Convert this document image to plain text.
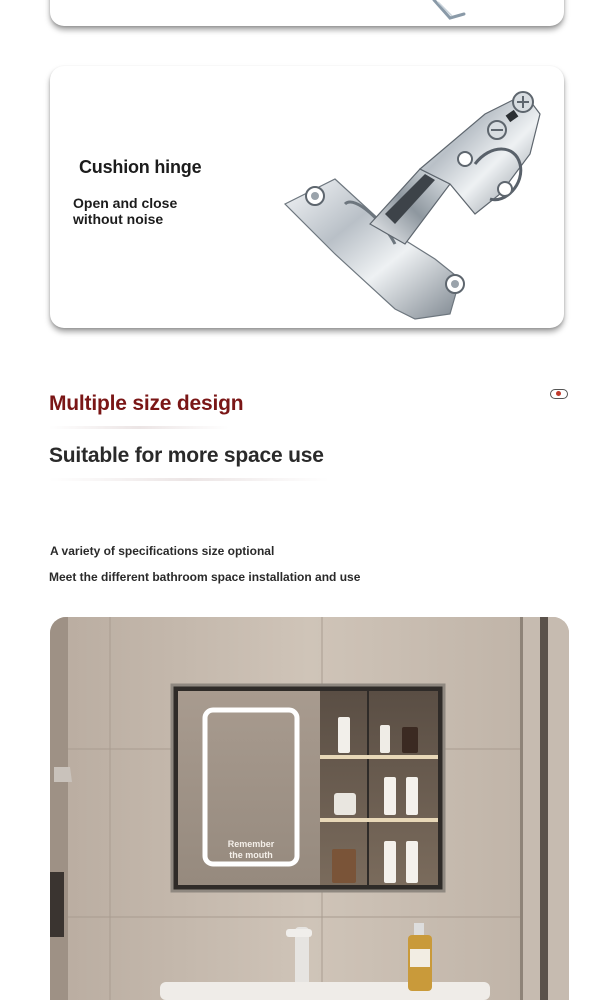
Cushion hinge

Open and close without noise

Multiple size design
Suitable for more space use

A variety of specifications size optional

Meet the different bathroom space installation and use

Remember
the mouth
